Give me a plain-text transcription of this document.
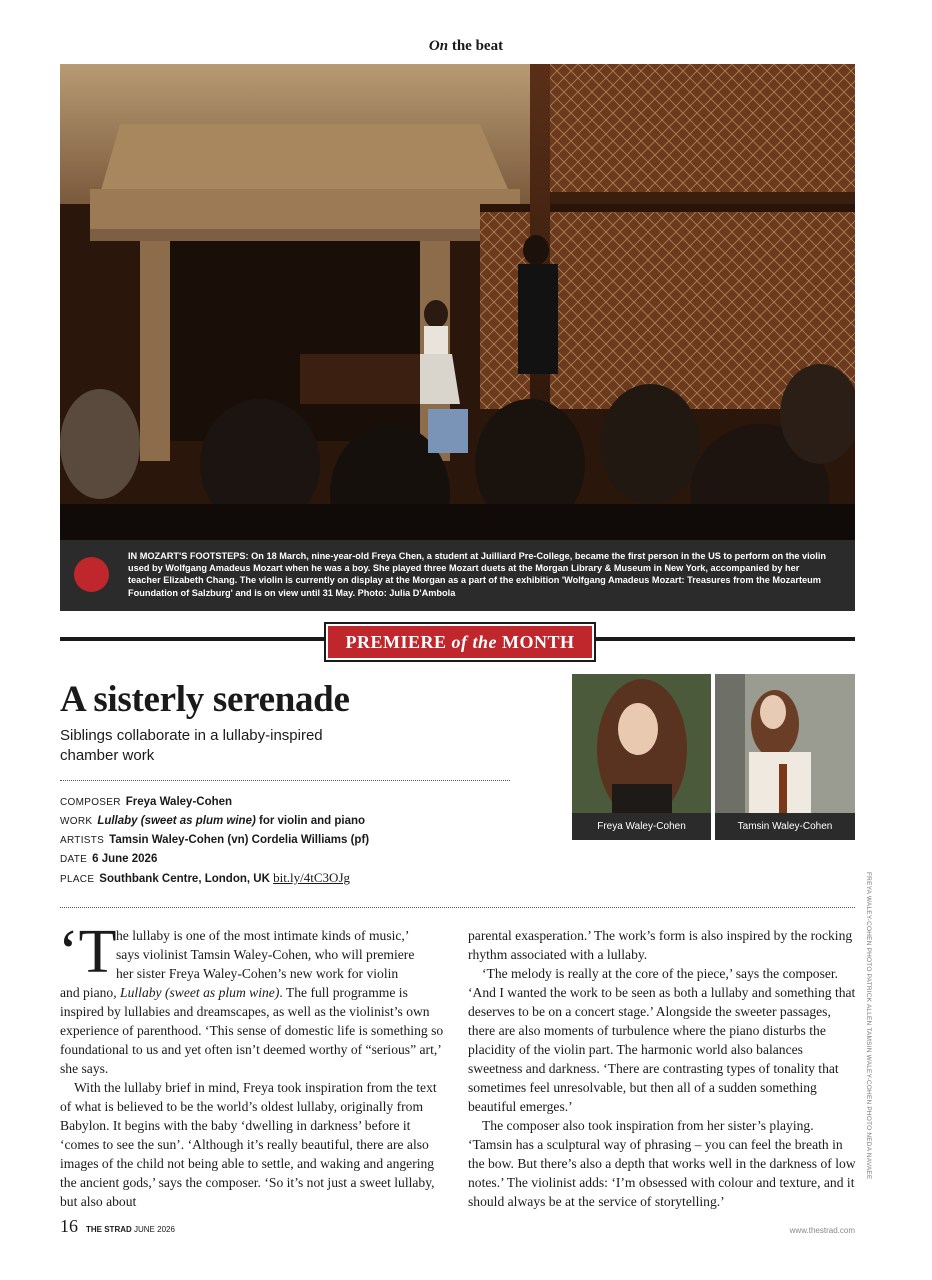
On the beat
IN MOZART'S FOOTSTEPS: On 18 March, nine-year-old Freya Chen, a student at Juilliard Pre-College, became the first person in the US to perform on the violin used by Wolfgang Amadeus Mozart when he was a boy. She played three Mozart duets at the Morgan Library & Museum in New York, accompanied by her teacher Elizabeth Chang. The violin is currently on display at the Morgan as a part of the exhibition 'Wolfgang Amadeus Mozart: Treasures from the Mozarteum Foundation of Salzburg' and is on view until 31 May. Photo: Julia D'Ambola
PREMIERE of the MONTH
A sisterly serenade
Siblings collaborate in a lullaby-inspired chamber work
COMPOSER Freya Waley-Cohen
WORK Lullaby (sweet as plum wine) for violin and piano
ARTISTS Tamsin Waley-Cohen (vn) Cordelia Williams (pf)
DATE 6 June 2026
PLACE Southbank Centre, London, UK bit.ly/4tC3OJg
Freya Waley-Cohen	Tamsin Waley-Cohen
FREYA WALEY-COHEN PHOTO PATRICK ALLEN TAMSIN WALEY-COHEN PHOTO NEDA NAVAEE
‘T he lullaby is one of the most intimate kinds of music,’
says violinist Tamsin Waley-Cohen, who will premiere
her sister Freya Waley-Cohen’s new work for violin

and piano, Lullaby (sweet as plum wine). The full programme is inspired by lullabies and dreamscapes, as well as the violinist’s own experience of parenthood. ‘This sense of domestic life is something so foundational to us and yet often isn’t deemed worthy of “serious” art,’ she says.

With the lullaby brief in mind, Freya took inspiration from the text of what is believed to be the world’s oldest lullaby, originally from Babylon. It begins with the baby ‘dwelling in darkness’ before it ‘comes to see the sun’. ‘Although it’s really beautiful, there are also images of the child not being able to settle, and waking and angering the ancient gods,’ says the composer. ‘So it’s not just a sweet lullaby, but also about

parental exasperation.’ The work’s form is also inspired by the rocking rhythm associated with a lullaby.

‘The melody is really at the core of the piece,’ says the composer. ‘And I wanted the work to be seen as both a lullaby and something that deserves to be on a concert stage.’ Alongside the sweeter passages, there are also moments of turbulence where the piano disturbs the placidity of the violin part. The harmonic world also balances sweetness and darkness. ‘There are contrasting types of tonality that sometimes feel unresolvable, but then all of a sudden something beautiful emerges.’

The composer also took inspiration from her sister’s playing. ‘Tamsin has a sculptural way of phrasing – you can feel the breath in the bow. But there’s also a depth that works well in the darkness of low notes.’ The violinist adds: ‘I’m obsessed with colour and texture, and it should always be at the service of storytelling.’

16 THE STRAD JUNE 2026	www.thestrad.com
